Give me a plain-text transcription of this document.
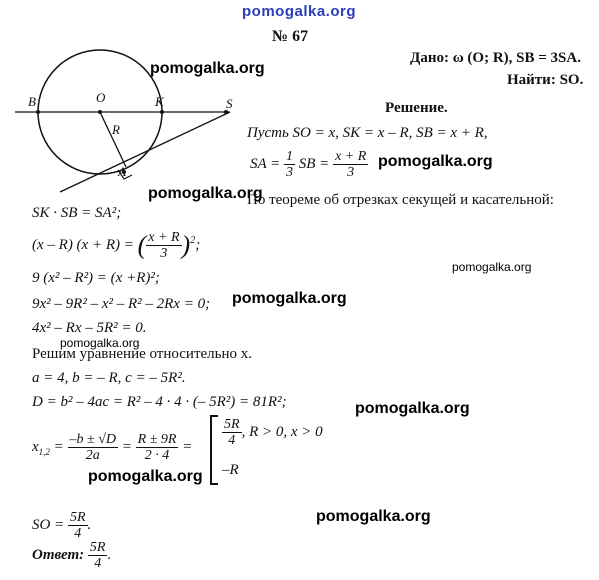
pomogalka.org
pomogalka.org
pomogalka.org
pomogalka.org
pomogalka.org
pomogalka.org
pomogalka.org
pomogalka.org
pomogalka.org
pomogalka.org
№ 67
Дано: ω (O; R), SB = 3SA.
Найти: SO.
Решение.
B	O	K	S
R
A
Пусть SO = x, SK = x – R, SB = x + R,
SA = $\frac{1}{3}$ SB = $\frac{x + R}{3}$
По теореме об отрезках секущей и касательной:
SK · SB = SA²;
(x – R) (x + R) = ( $\frac{x + R}{3} )^2$;
9 (x² – R²) = (x +R)²;
9x² – 9R² – x² – R² – 2Rx = 0;
4x² – Rx – 5R² = 0.
Решим уравнение относительно x.
a = 4, b = – R, c = – 5R².
D = b² – 4ac = R² – 4 · 4 · (– 5R²) = 81R²;
$x_{1,2} = \frac{-b \pm √D}{2a} = \frac{R \pm 9R}{2 \cdot 4} = \frac{5R}{4}$ , R > 0, x > 0
–R
SO = $\frac{5R}{4}$ .
Ответ: $\frac{5R}{4}$ .
